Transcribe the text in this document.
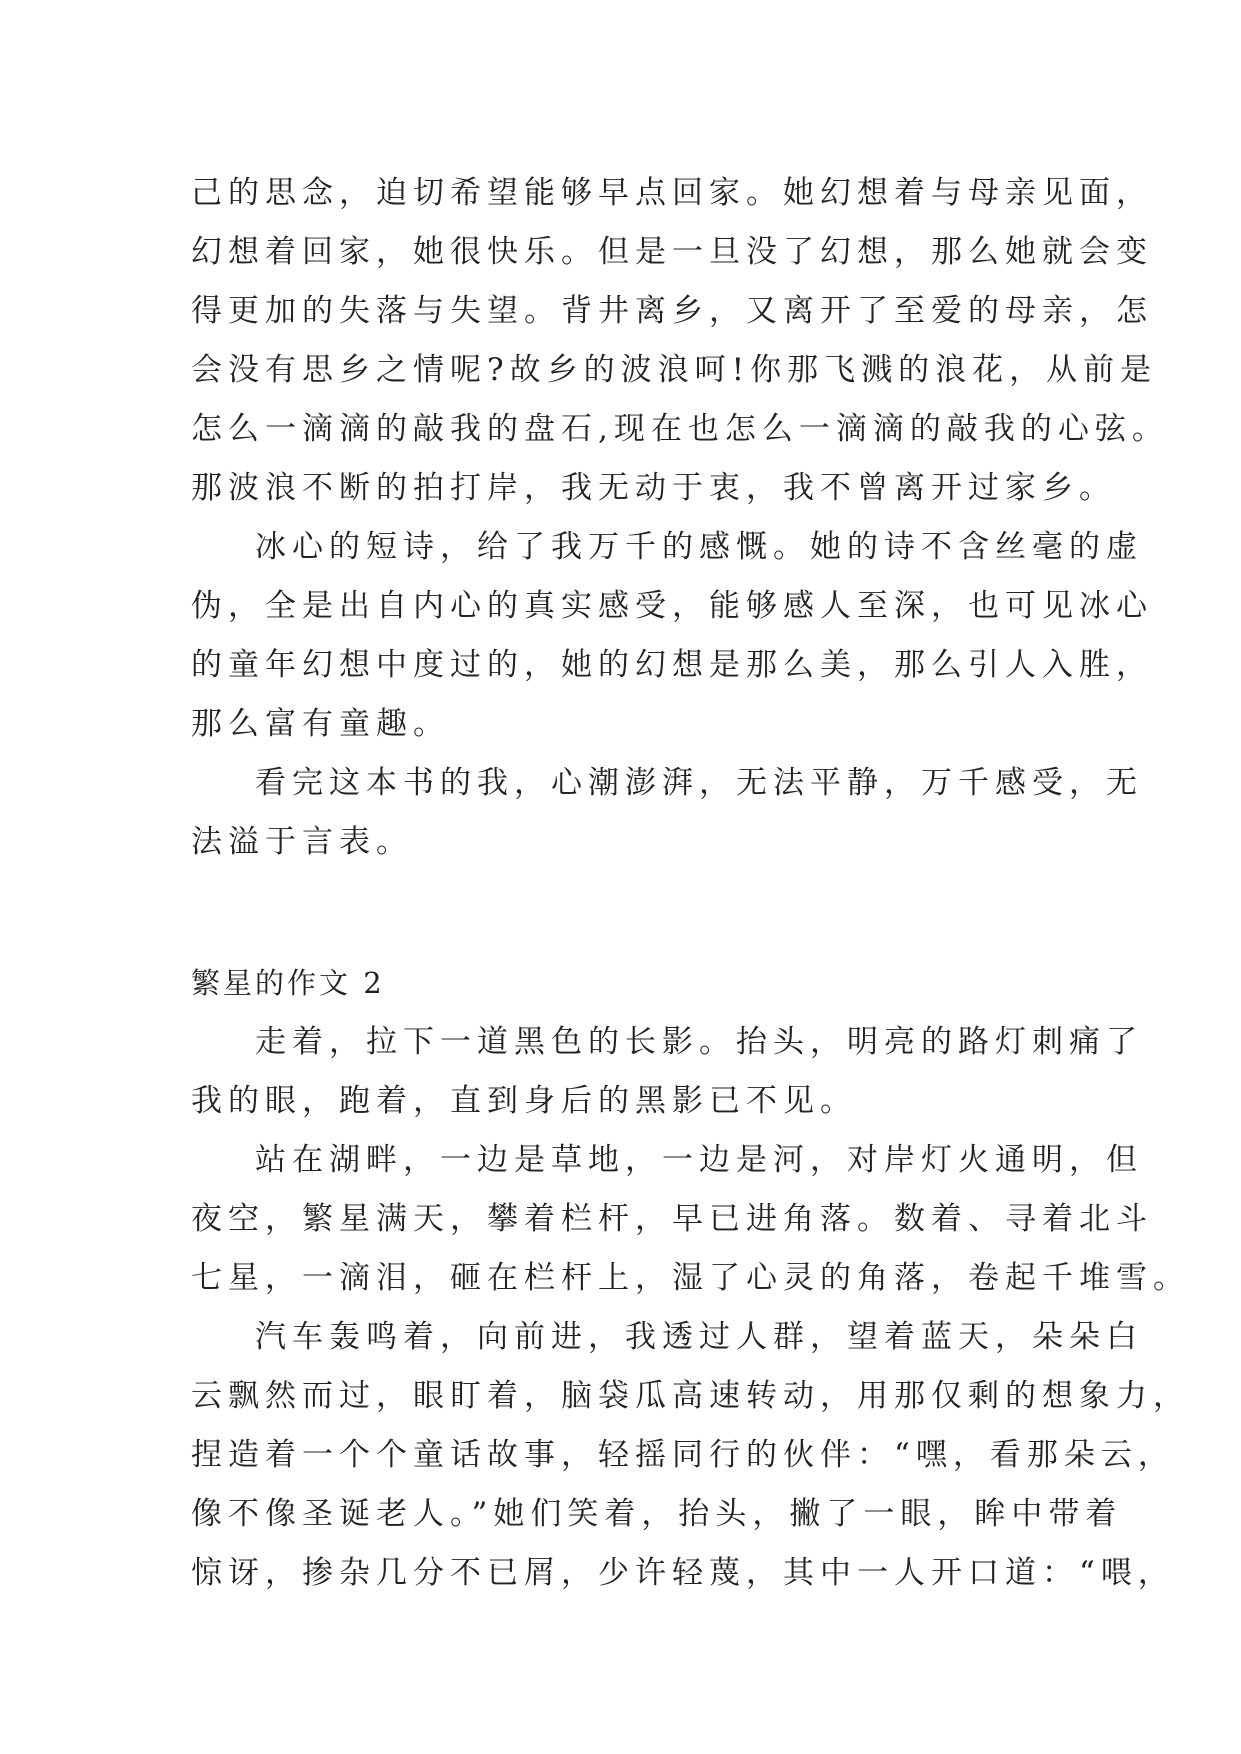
己的思念，迫切希望能够早点回家。她幻想着与母亲见面，
幻想着回家，她很快乐。但是一旦没了幻想，那么她就会变
得更加的失落与失望。背井离乡，又离开了至爱的母亲，怎
会没有思乡之情呢?故乡的波浪呵!你那飞溅的浪花，从前是
怎么一滴滴的敲我的盘石,现在也怎么一滴滴的敲我的心弦。
那波浪不断的拍打岸，我无动于衷，我不曾离开过家乡。
冰心的短诗，给了我万千的感慨。她的诗不含丝毫的虚
伪，全是出自内心的真实感受，能够感人至深，也可见冰心
的童年幻想中度过的，她的幻想是那么美，那么引人入胜，
那么富有童趣。
看完这本书的我，心潮澎湃，无法平静，万千感受，无
法溢于言表。
繁星的作文 2
走着，拉下一道黑色的长影。抬头，明亮的路灯刺痛了
我的眼，跑着，直到身后的黑影已不见。
站在湖畔，一边是草地，一边是河，对岸灯火通明，但
夜空，繁星满天，攀着栏杆，早已进角落。数着、寻着北斗
七星，一滴泪，砸在栏杆上，湿了心灵的角落，卷起千堆雪。
汽车轰鸣着，向前进，我透过人群，望着蓝天，朵朵白
云飘然而过，眼盯着，脑袋瓜高速转动，用那仅剩的想象力，
捏造着一个个童话故事，轻摇同行的伙伴：“嘿，看那朵云，
像不像圣诞老人。”她们笑着，抬头，撇了一眼，眸中带着
惊讶，掺杂几分不已屑，少许轻蔑，其中一人开口道：“喂，
